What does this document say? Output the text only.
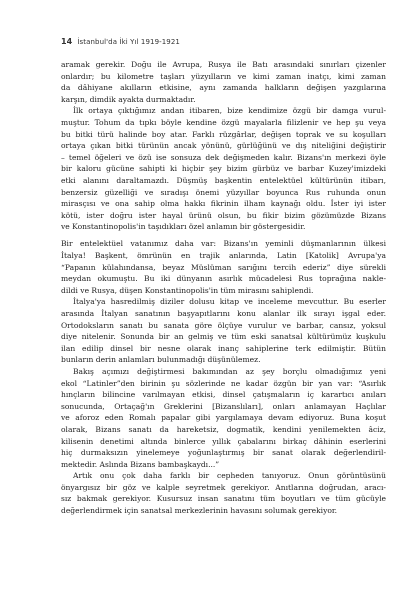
14 İstanbul'da İki Yıl 1919-1921

aramak gerekir. Doğu ile Avrupa, Rusya ile Batı arasındaki sınırları çizenler
onlardır; bu kilometre taşları yüzyılların ve kimi zaman inatçı, kimi zaman
da dâhiyane akılların etkisine, aynı zamanda halkların değişen yazgılarına
karşın, dimdik ayakta durmaktadır.

İlk ortaya çıktığımız andan itibaren, bize kendimize özgü bir damga vurul-
muştur. Tohum da tıpkı böyle kendine özgü mayalarla filizlenir ve hep şu veya
bu bitki türü halinde boy atar. Farklı rüzgârlar, değişen toprak ve su koşulları
ortaya çıkan bitki türünün ancak yönünü, gürlüğünü ve dış niteliğini değiştirir
– temel öğeleri ve özü ise sonsuza dek değişmeden kalır. Bizans'ın merkezi öyle
bir kaloru gücüne sahipti ki hiçbir şey bizim gürbüz ve barbar Kuzey'imizdeki
etki alanını daraltamazdı. Düşmüş başkentin entelektüel kültürünün itibarı,
benzersiz güzelliği ve sıradışı önemi yüzyıllar boyunca Rus ruhunda onun
mirasçısı ve ona sahip olma hakkı fikrinin ilham kaynağı oldu. İster iyi ister
kötü, ister doğru ister hayal ürünü olsun, bu fikir bizim gözümüzde Bizans
ve Konstantinopolis'in taşıdıkları özel anlamın bir göstergesidir.

Bir entelektüel vatanımız daha var: Bizans'ın yeminli düşmanlarının ülkesi
İtalya! Başkent, ömrünün en trajik anlarında, Latin [Katolik] Avrupa'ya
“Papanın külahındansa, beyaz Müslüman sarığını tercih ederiz” diye sürekli
meydan okumuştu. Bu iki dünyanın asırlık mücadelesi Rus toprağına nakle-
dildi ve Rusya, düşen Konstantinopolis'in tüm mirasını sahiplendi.

İtalya'ya hasredilmiş diziler dolusu kitap ve inceleme mevcuttur. Bu eserler
arasında İtalyan sanatının başyapıtlarını konu alanlar ilk sırayı işgal eder.
Ortodoksların sanatı bu sanata göre ölçüye vurulur ve barbar, cansız, yoksul
diye nitelenir. Sonunda bir an gelmiş ve tüm eski sanatsal kültürümüz kuşkulu
ilan edilip dinsel bir nesne olarak inanç sahiplerine terk edilmiştir. Bütün
bunların derin anlamları bulunmadığı düşünülemez.

Bakış açımızı değiştirmesi bakımından az şey borçlu olmadığımız yeni
ekol “Latinler”den birinin şu sözlerinde ne kadar özgün bir yan var: “Asırlık
hınçların bilincine varılmayan etkisi, dinsel çatışmaların iç karartıcı anıları
sonucunda, Ortaçağ'ın Greklerini [Bizanslıları], onları anlamayan Haçlılar
ve aforoz eden Romalı papalar gibi yargılamaya devam ediyoruz. Buna koşut
olarak, Bizans sanatı da hareketsiz, dogmatik, kendini yenilemekten âciz,
kilisenin denetimi altında binlerce yıllık çabalarını birkaç dâhinin eserlerini
hiç durmaksızın yinelemeye yoğunlaştırmış bir sanat olarak değerlendiril-
mektedir. Aslında Bizans bambaşkaydı...”

Artık onu çok daha farklı bir cepheden tanıyoruz. Onun görüntüsünü
önyargısız bir göz ve kalple seyretmek gerekiyor. Anıtlarına doğrudan, aracı-
sız bakmak gerekiyor. Kusursuz insan sanatını tüm boyutları ve tüm gücüyle
değerlendirmek için sanatsal merkezlerinin havasını solumak gerekiyor.
